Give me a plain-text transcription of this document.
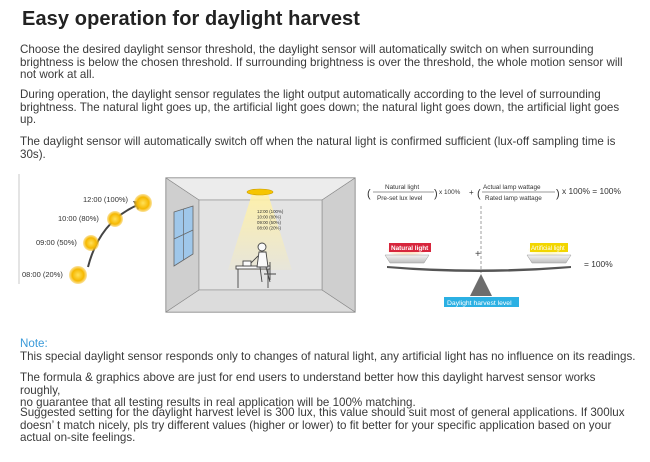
Easy operation for daylight harvest

Choose the desired daylight sensor threshold, the daylight sensor will automatically switch on when surrounding brightness is below the chosen threshold. If surrounding brightness is over the threshold, the whole motion sensor will not work at all.

During operation, the daylight sensor regulates the light output automatically according to the level of surrounding brightness. The natural light goes up, the artificial light goes down; the natural light goes down, the artificial light goes up.

The daylight sensor will automatically switch off when the natural light is confirmed sufficient (lux-off sampling time is 30s).

12:00 (100%)
10:00 (80%)
09:00 (50%)
08:00 (20%)
12:00 (100%)
10:00 (80%)
09:00 (50%)
08:00 (20%)
(
Natural light
Pre-set lux level ) x 100% + (
Actual lamp wattage
Rated lamp wattage ) x 100% = 100%
+
Natural light	Artificial light
= 100%
Daylight harvest level

Note:

This special daylight sensor responds only to changes of natural light, any artificial light has no influence on its readings.

The formula & graphics above are just for end users to understand better how this daylight harvest sensor works roughly,
no guarantee that all testing results in real application will be 100% matching.

Suggested setting for the daylight harvest level is 300 lux, this value should suit most of general applications. If 300lux doesn’ t match nicely, pls try different values (higher or lower) to fit better for your specific application based on your actual on-site feelings.
